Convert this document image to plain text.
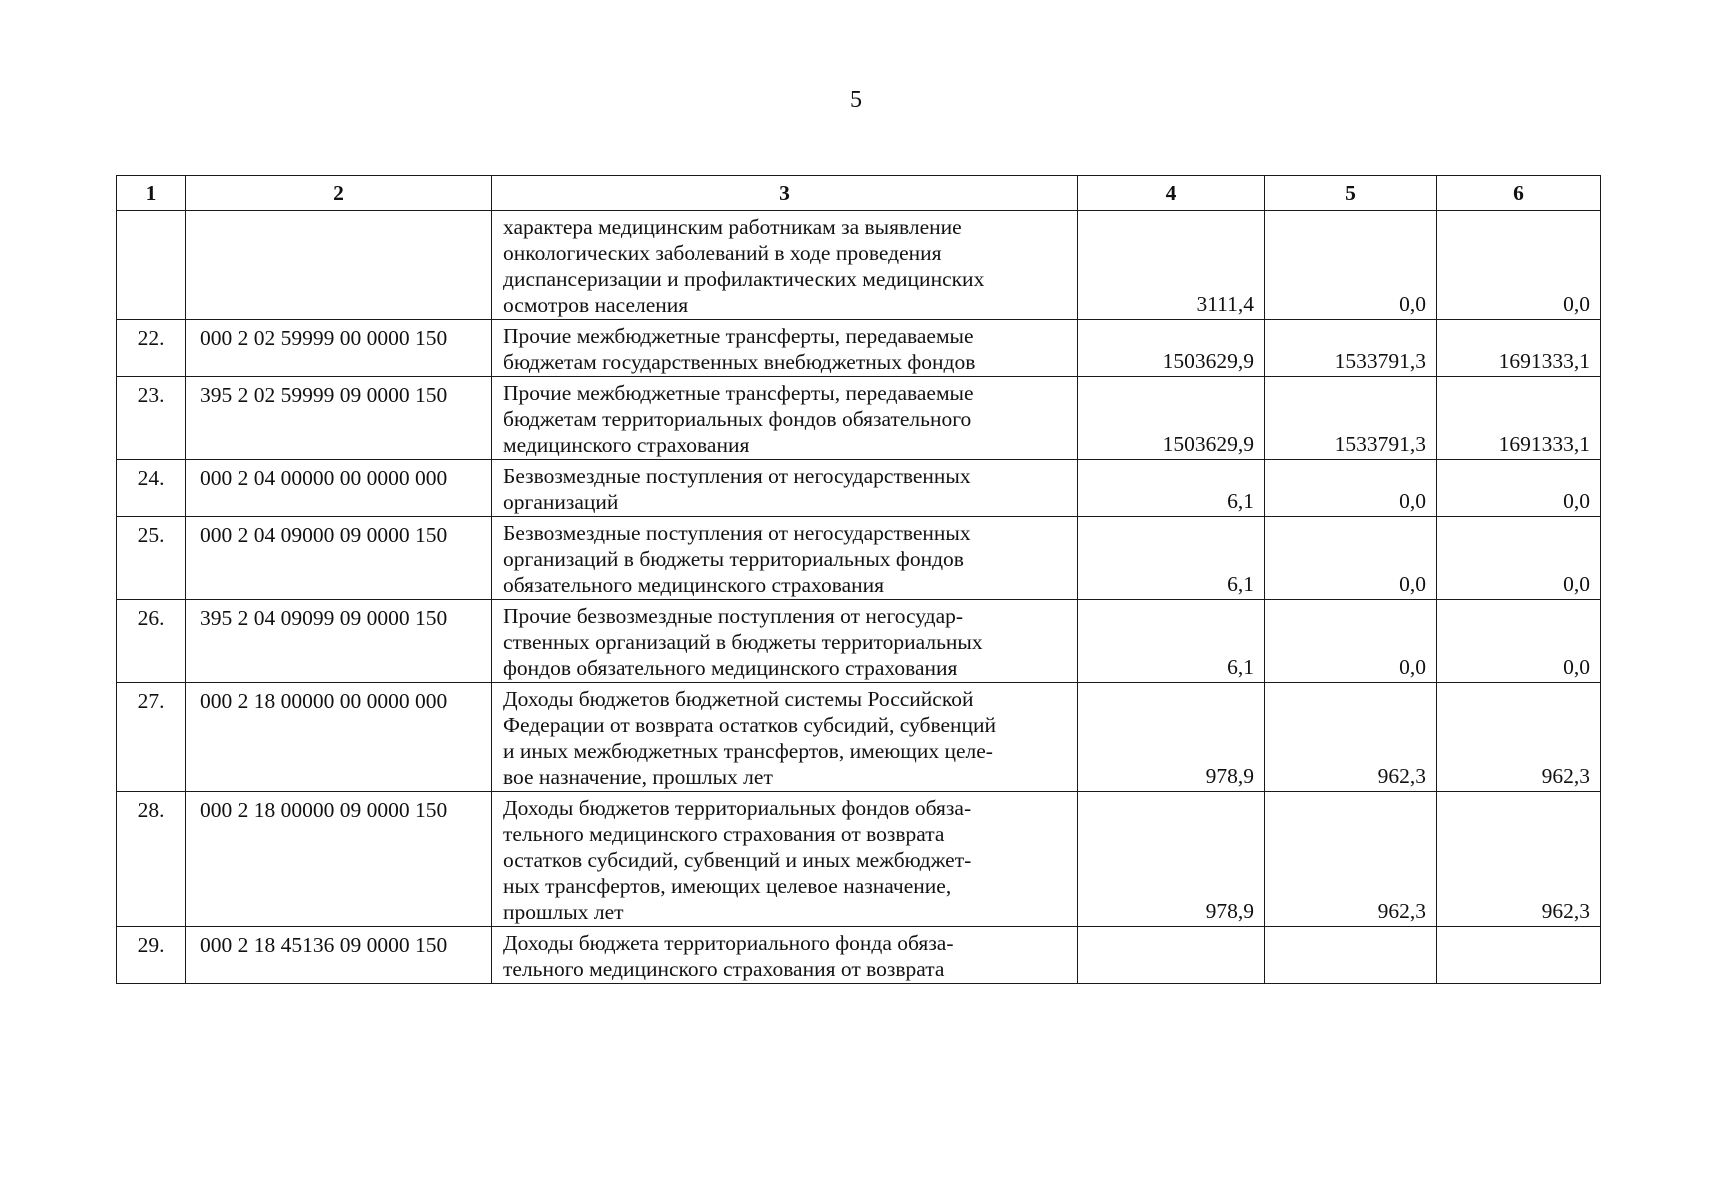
5
1	2	3	4	5	6

		характера медицинским работникам за выявление
онкологических заболеваний в ходе проведения
диспансеризации и профилактических медицинских
осмотров населения	3111,4	0,0	0,0
22.	000 2 02 59999 00 0000 150	Прочие межбюджетные трансферты, передаваемые
бюджетам государственных внебюджетных фондов	1503629,9	1533791,3	1691333,1
23.	395 2 02 59999 09 0000 150	Прочие межбюджетные трансферты, передаваемые
бюджетам территориальных фондов обязательного
медицинского страхования	1503629,9	1533791,3	1691333,1
24.	000 2 04 00000 00 0000 000	Безвозмездные поступления от негосударственных
организаций	6,1	0,0	0,0
25.	000 2 04 09000 09 0000 150	Безвозмездные поступления от негосударственных
организаций в бюджеты территориальных фондов
обязательного медицинского страхования	6,1	0,0	0,0
26.	395 2 04 09099 09 0000 150	Прочие безвозмездные поступления от негосудар-
ственных организаций в бюджеты территориальных
фондов обязательного медицинского страхования	6,1	0,0	0,0
27.	000 2 18 00000 00 0000 000	Доходы бюджетов бюджетной системы Российской
Федерации от возврата остатков субсидий, субвенций
и иных межбюджетных трансфертов, имеющих целе-
вое назначение, прошлых лет	978,9	962,3	962,3
28.	000 2 18 00000 09 0000 150	Доходы бюджетов территориальных фондов обяза-
тельного медицинского страхования от возврата
остатков субсидий, субвенций и иных межбюджет-
ных трансфертов, имеющих целевое назначение,
прошлых лет	978,9	962,3	962,3
29.	000 2 18 45136 09 0000 150	Доходы бюджета территориального фонда обяза-
тельного медицинского страхования от возврата			
